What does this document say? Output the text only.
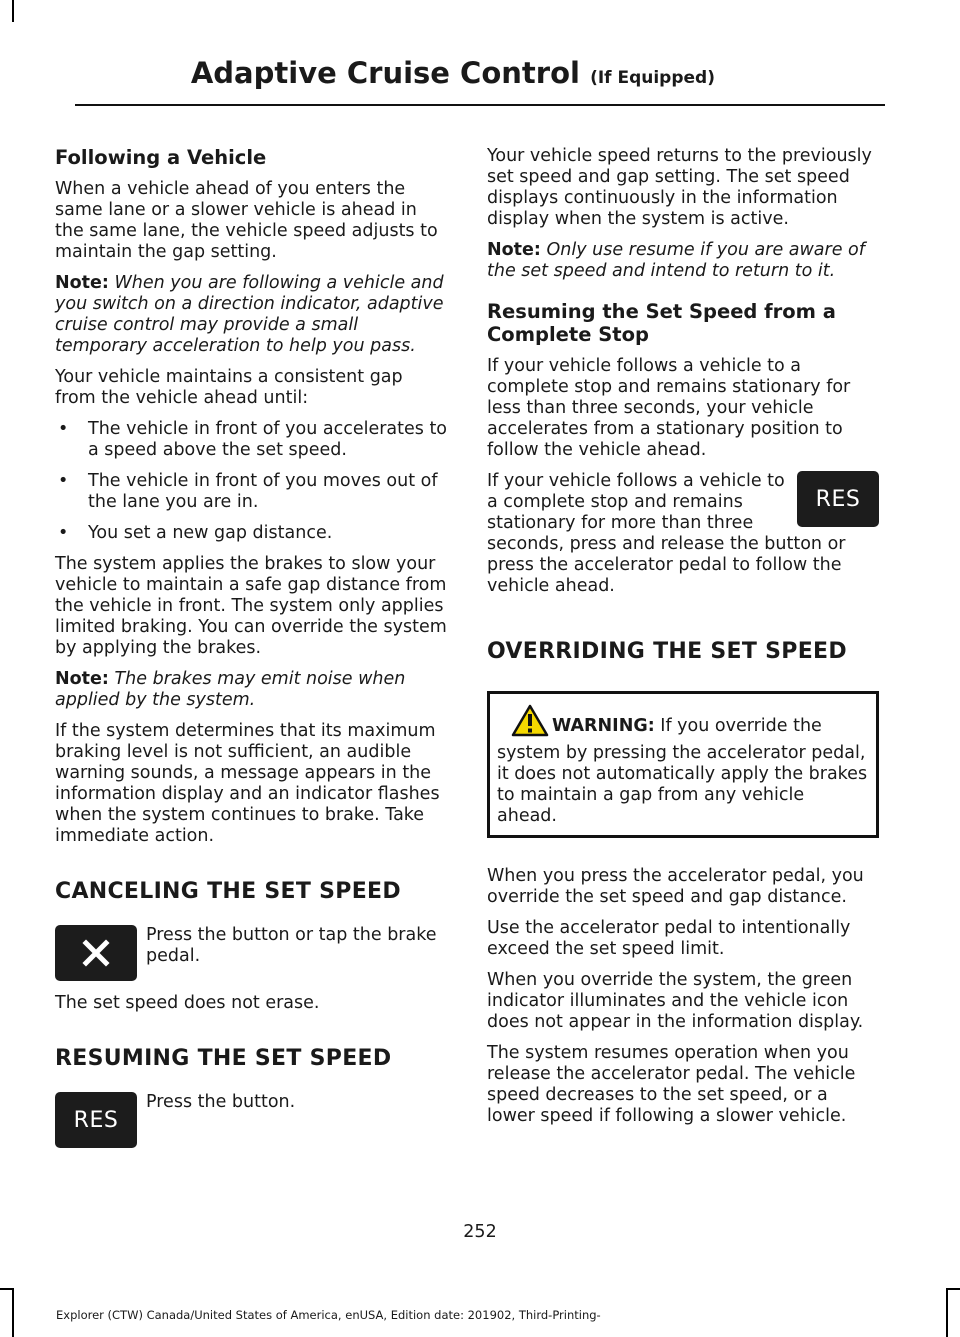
Adaptive Cruise Control (If Equipped)
Following a Vehicle

When a vehicle ahead of you enters the same lane or a slower vehicle is ahead in the same lane, the vehicle speed adjusts to maintain the gap setting.

Note: When you are following a vehicle and you switch on a direction indicator, adaptive cruise control may provide a small temporary acceleration to help you pass.

Your vehicle maintains a consistent gap from the vehicle ahead until:

• The vehicle in front of you accelerates to a speed above the set speed.
• The vehicle in front of you moves out of the lane you are in.
• You set a new gap distance.

The system applies the brakes to slow your vehicle to maintain a safe gap distance from the vehicle in front. The system only applies limited braking. You can override the system by applying the brakes.

Note: The brakes may emit noise when applied by the system.

If the system determines that its maximum braking level is not sufficient, an audible warning sounds, a message appears in the information display and an indicator flashes when the system continues to brake. Take immediate action.

CANCELING THE SET SPEED
Press the button or tap the brake pedal.

The set speed does not erase.

RESUMING THE SET SPEED
RES
Press the button.

Your vehicle speed returns to the previously set speed and gap setting. The set speed displays continuously in the information display when the system is active.

Note: Only use resume if you are aware of the set speed and intend to return to it.

Resuming the Set Speed from a Complete Stop

If your vehicle follows a vehicle to a complete stop and remains stationary for less than three seconds, your vehicle accelerates from a stationary position to follow the vehicle ahead.

RES

If your vehicle follows a vehicle to a complete stop and remains stationary for more than three seconds, press and release the button or press the accelerator pedal to follow the vehicle ahead.

OVERRIDING THE SET SPEED
WARNING: If you override the system by pressing the accelerator pedal, it does not automatically apply the brakes to maintain a gap from any vehicle ahead.

When you press the accelerator pedal, you override the set speed and gap distance.

Use the accelerator pedal to intentionally exceed the set speed limit.

When you override the system, the green indicator illuminates and the vehicle icon does not appear in the information display.

The system resumes operation when you release the accelerator pedal. The vehicle speed decreases to the set speed, or a lower speed if following a slower vehicle.

252
Explorer (CTW) Canada/United States of America, enUSA, Edition date: 201902, Third-Printing-
